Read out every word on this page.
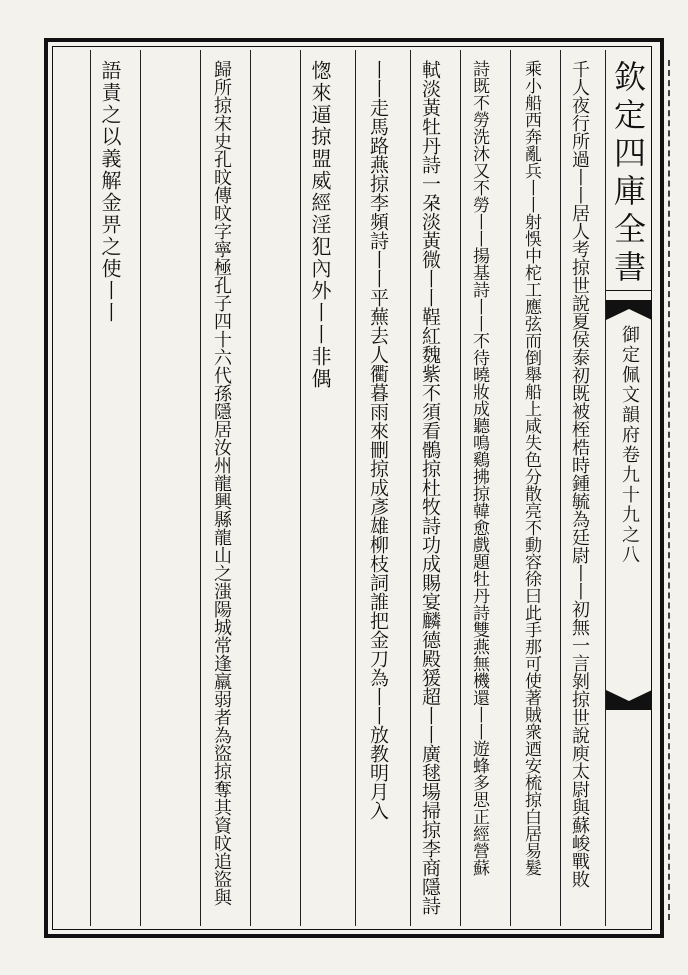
欽定四庫全書
御定佩文韻府卷九十九之八
千人夜行所過丨丨居人考掠世說夏侯泰初既被桎梏時鍾毓為廷尉丨丨初無一言剝掠世說庾太尉與蘇峻戰敗
乘小船西奔亂兵丨丨射悞中柁工應弦而倒舉船上咸失色分散亮不動容徐曰此手那可使著賊衆迺安梳掠白居易髮
詩既不勞洗沐又不勞丨丨揚基詩丨丨不待曉妝成聽鳴鷄拂掠韓愈戲題牡丹詩雙燕無機還丨丨遊蜂多思正經營蘇
軾淡黃牡丹詩一朶淡黃微丨丨鞓紅魏紫不須看鶻掠杜牧詩功成賜宴麟德殿猨超丨丨廣毬場掃掠李商隱詩
丨丨走馬路燕掠李頻詩丨丨平蕪去人衢暮雨來刪掠成彥雄柳枝詞誰把金刀為丨丨放教明月入
愡來逼掠盟威經淫犯內外丨丨非偶
歸所掠宋史孔旼傳旼字寧極孔子四十六代孫隱居汝州龍興縣龍山之滍陽城常逢羸弱者為盜掠奪其資旼追盜與
語責之以義解金畀之使丨丨
